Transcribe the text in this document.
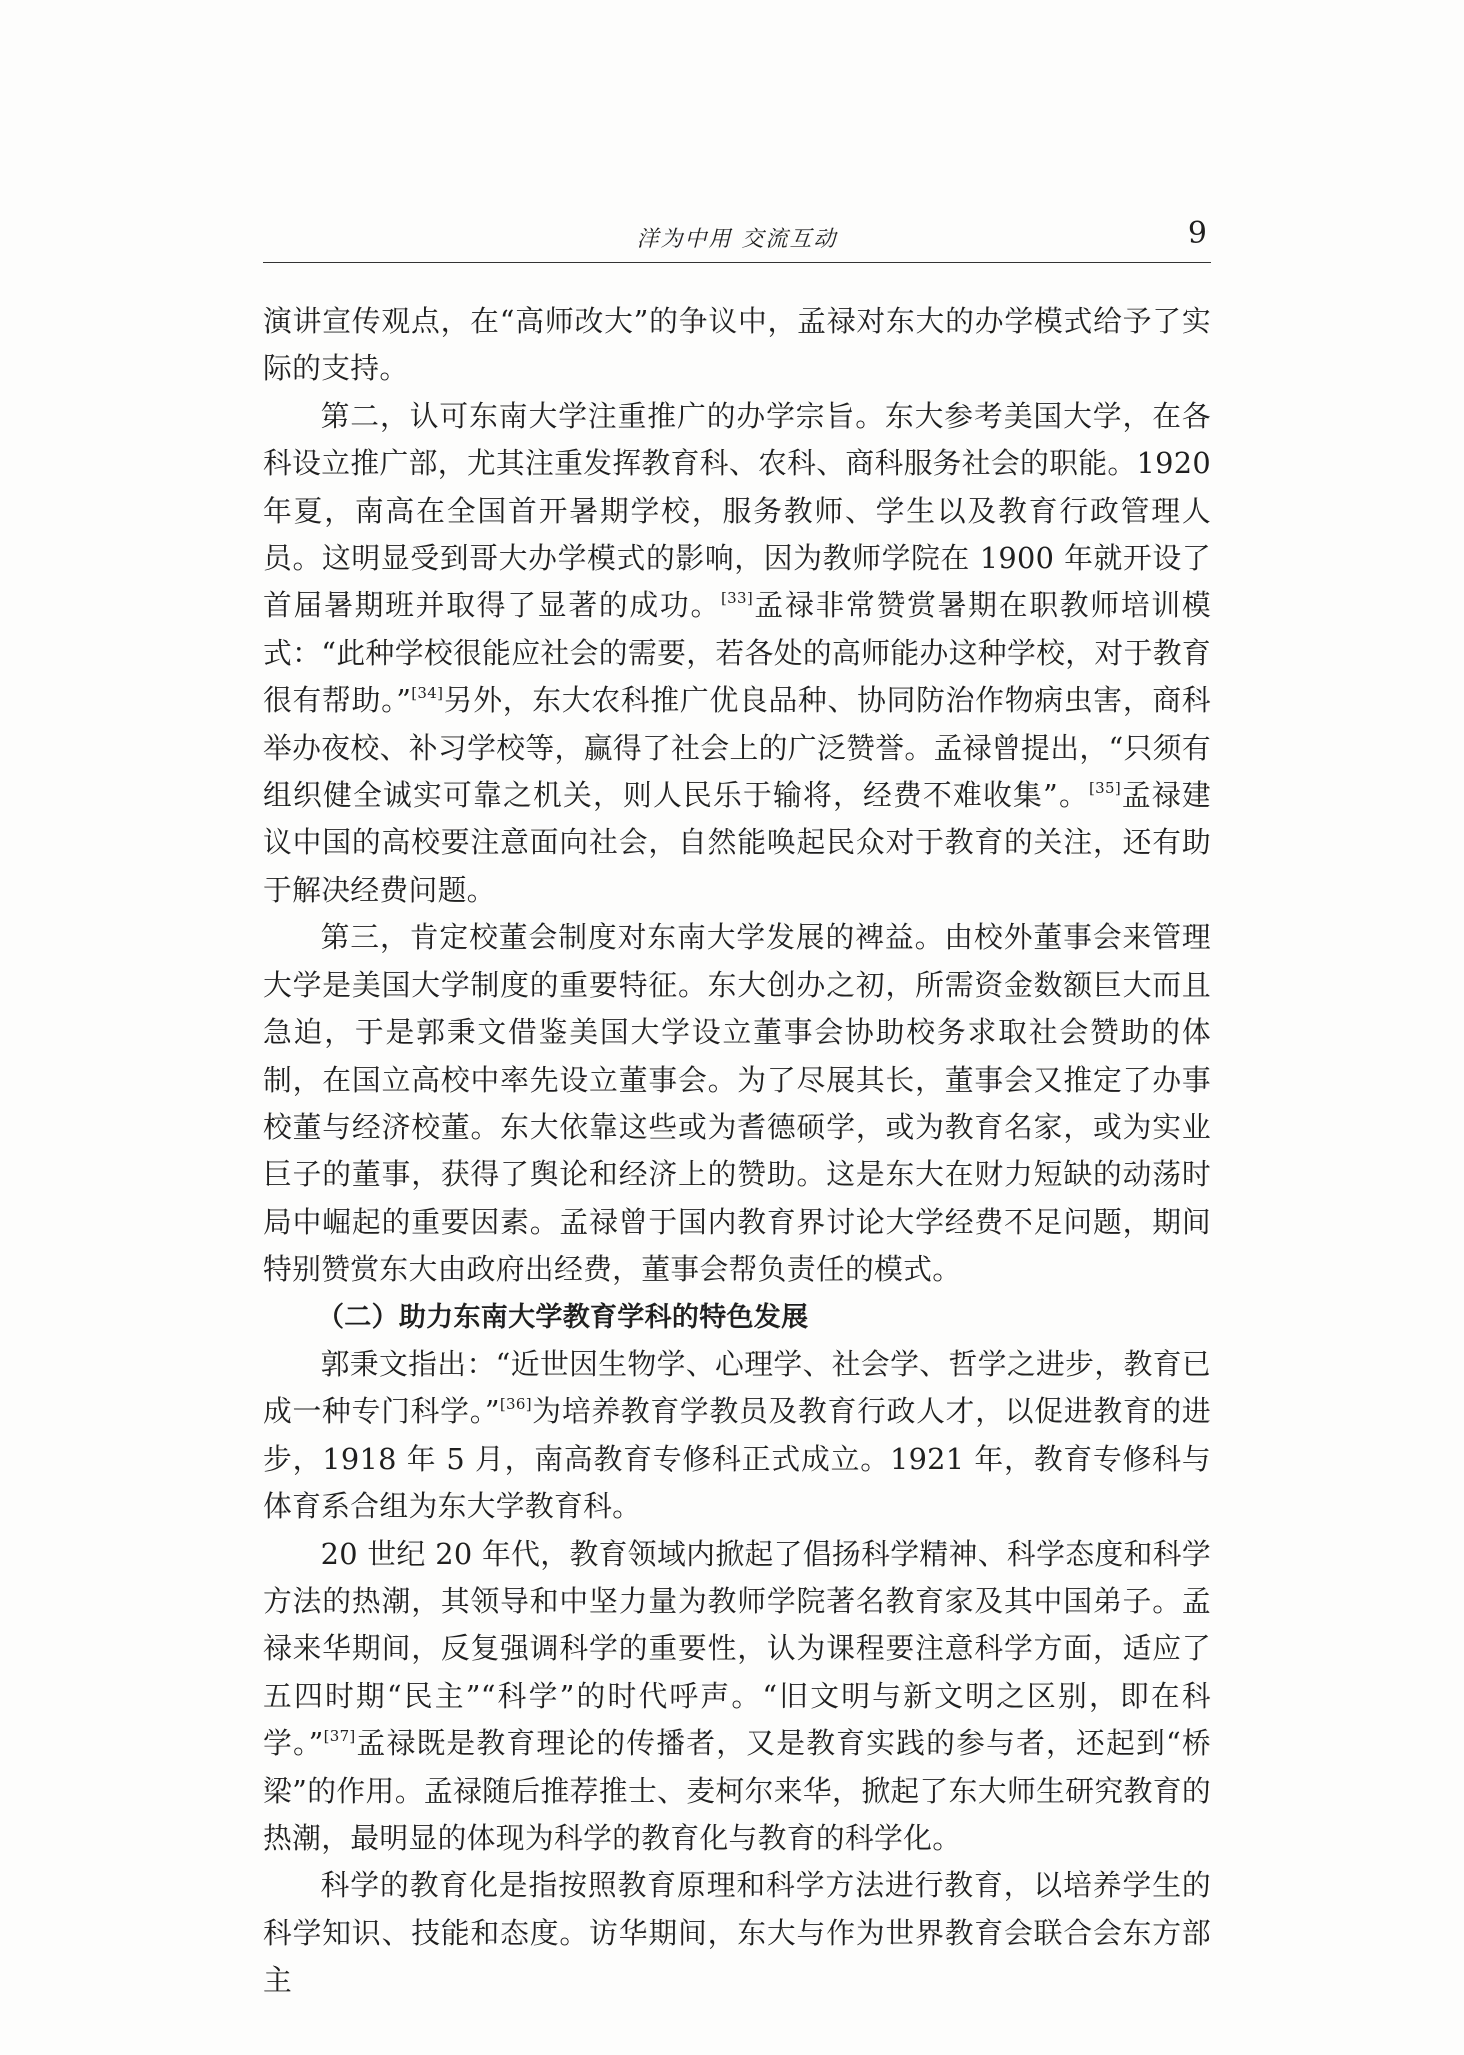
洋为中用 交流互动	9

演讲宣传观点，在“高师改大”的争议中，孟禄对东大的办学模式给予了实际的支持。

第二，认可东南大学注重推广的办学宗旨。东大参考美国大学，在各科设立推广部，尤其注重发挥教育科、农科、商科服务社会的职能。1920 年夏，南高在全国首开暑期学校，服务教师、学生以及教育行政管理人员。这明显受到哥大办学模式的影响，因为教师学院在 1900 年就开设了首届暑期班并取得了显著的成功。[33]孟禄非常赞赏暑期在职教师培训模式：“此种学校很能应社会的需要，若各处的高师能办这种学校，对于教育很有帮助。”[34]另外，东大农科推广优良品种、协同防治作物病虫害，商科举办夜校、补习学校等，赢得了社会上的广泛赞誉。孟禄曾提出，“只须有组织健全诚实可靠之机关，则人民乐于输将，经费不难收集”。[35]孟禄建议中国的高校要注意面向社会，自然能唤起民众对于教育的关注，还有助于解决经费问题。

第三，肯定校董会制度对东南大学发展的裨益。由校外董事会来管理大学是美国大学制度的重要特征。东大创办之初，所需资金数额巨大而且急迫，于是郭秉文借鉴美国大学设立董事会协助校务求取社会赞助的体制，在国立高校中率先设立董事会。为了尽展其长，董事会又推定了办事校董与经济校董。东大依靠这些或为耆德硕学，或为教育名家，或为实业巨子的董事，获得了舆论和经济上的赞助。这是东大在财力短缺的动荡时局中崛起的重要因素。孟禄曾于国内教育界讨论大学经费不足问题，期间特别赞赏东大由政府出经费，董事会帮负责任的模式。

（二）助力东南大学教育学科的特色发展

郭秉文指出：“近世因生物学、心理学、社会学、哲学之进步，教育已成一种专门科学。”[36]为培养教育学教员及教育行政人才，以促进教育的进步，1918 年 5 月，南高教育专修科正式成立。1921 年，教育专修科与体育系合组为东大学教育科。

20 世纪 20 年代，教育领域内掀起了倡扬科学精神、科学态度和科学方法的热潮，其领导和中坚力量为教师学院著名教育家及其中国弟子。孟禄来华期间，反复强调科学的重要性，认为课程要注意科学方面，适应了五四时期“民主”“科学”的时代呼声。“旧文明与新文明之区别，即在科学。”[37]孟禄既是教育理论的传播者，又是教育实践的参与者，还起到“桥梁”的作用。孟禄随后推荐推士、麦柯尔来华，掀起了东大师生研究教育的热潮，最明显的体现为科学的教育化与教育的科学化。

科学的教育化是指按照教育原理和科学方法进行教育，以培养学生的科学知识、技能和态度。访华期间，东大与作为世界教育会联合会东方部主
